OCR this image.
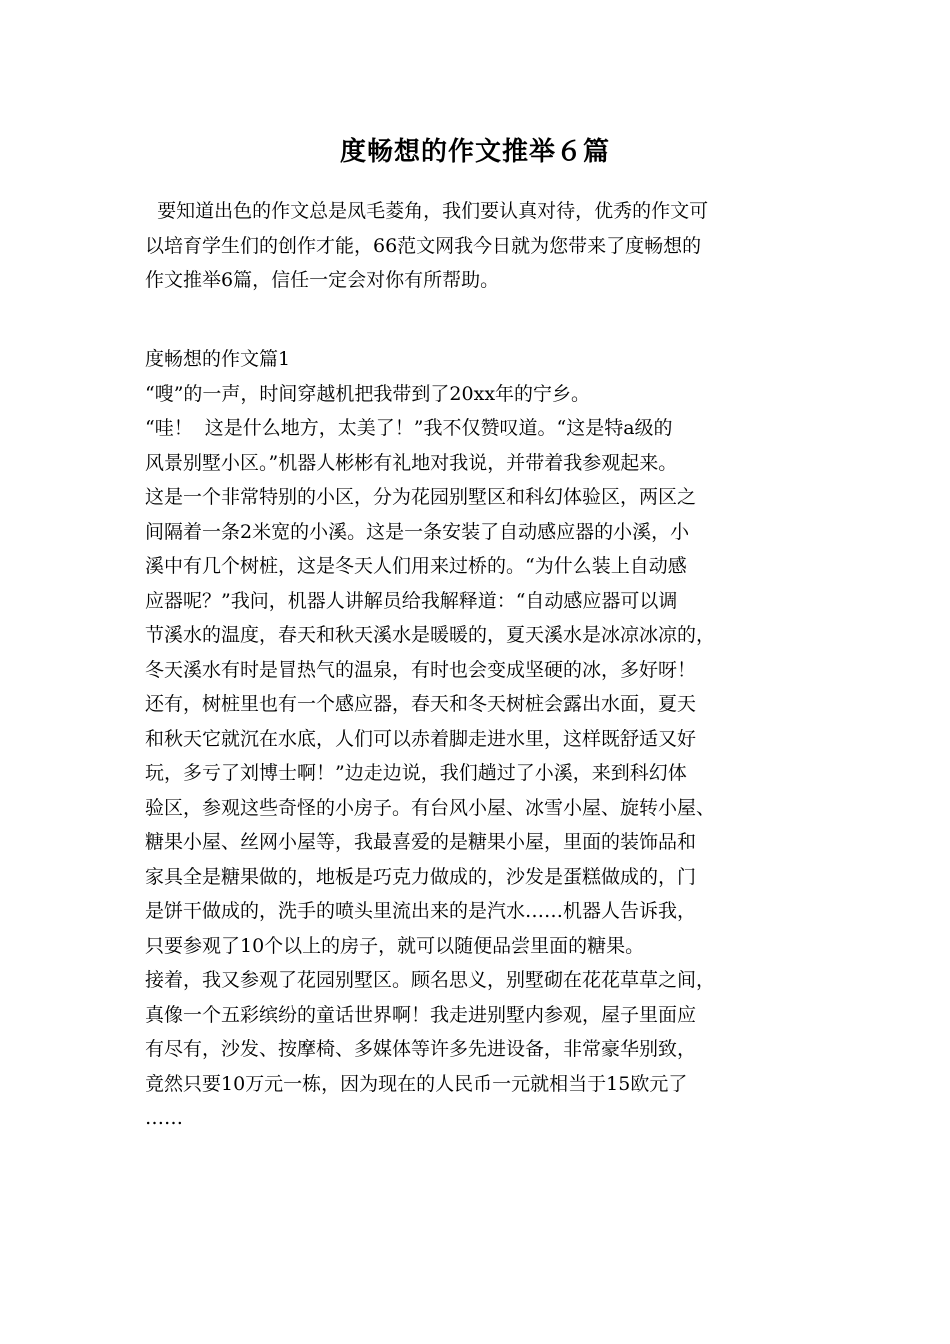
度畅想的作文推举６篇
要知道出色的作文总是凤毛菱角，我们要认真对待，优秀的作文可
以培育学生们的创作才能，66范文网我今日就为您带来了度畅想的
作文推举6篇，信任一定会对你有所帮助。
度畅想的作文篇1
“嗖”的一声，时间穿越机把我带到了20xx年的宁乡。
“哇！  这是什么地方，太美了！”我不仅赞叹道。“这是特a级的
风景别墅小区。”机器人彬彬有礼地对我说，并带着我参观起来。
这是一个非常特别的小区，分为花园别墅区和科幻体验区，两区之
间隔着一条2米宽的小溪。这是一条安装了自动感应器的小溪，小
溪中有几个树桩，这是冬天人们用来过桥的。“为什么装上自动感
应器呢？”我问，机器人讲解员给我解释道：“自动感应器可以调
节溪水的温度，春天和秋天溪水是暖暖的，夏天溪水是冰凉冰凉的，
冬天溪水有时是冒热气的温泉，有时也会变成坚硬的冰，多好呀！
还有，树桩里也有一个感应器，春天和冬天树桩会露出水面，夏天
和秋天它就沉在水底，人们可以赤着脚走进水里，这样既舒适又好
玩，多亏了刘博士啊！”边走边说，我们趟过了小溪，来到科幻体
验区，参观这些奇怪的小房子。有台风小屋、冰雪小屋、旋转小屋、
糖果小屋、丝网小屋等，我最喜爱的是糖果小屋，里面的装饰品和
家具全是糖果做的，地板是巧克力做成的，沙发是蛋糕做成的，门
是饼干做成的，洗手的喷头里流出来的是汽水……机器人告诉我，
只要参观了10个以上的房子，就可以随便品尝里面的糖果。
接着，我又参观了花园别墅区。顾名思义，别墅砌在花花草草之间，
真像一个五彩缤纷的童话世界啊！我走进别墅内参观，屋子里面应
有尽有，沙发、按摩椅、多媒体等许多先进设备，非常豪华别致，
竟然只要10万元一栋，因为现在的人民币一元就相当于15欧元了
……
